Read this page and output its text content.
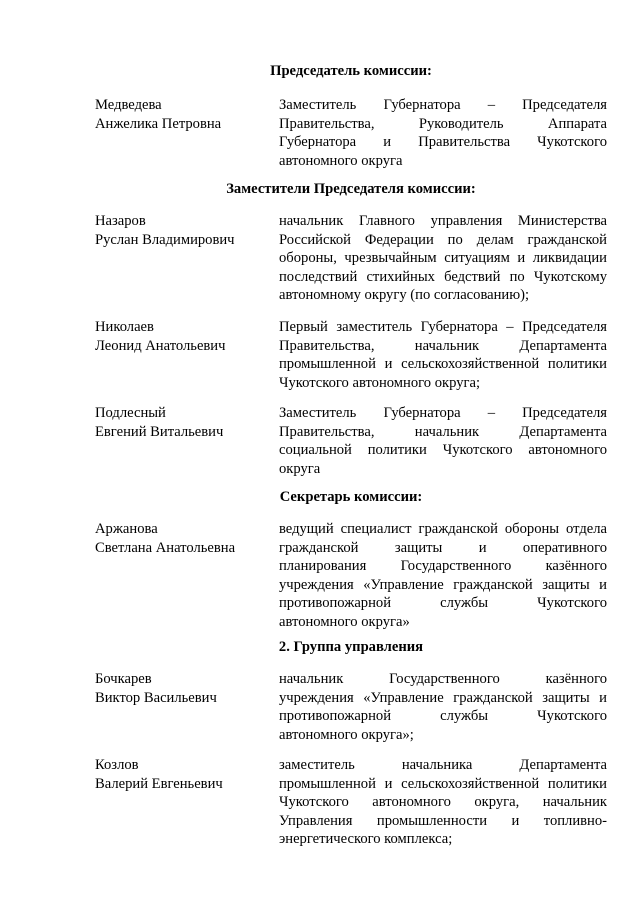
Председатель комиссии:
Медведева
Анжелика Петровна
Заместитель Губернатора – Председателя
Правительства, Руководитель Аппарата
Губернатора и Правительства Чукотского
автономного округа
Заместители Председателя комиссии:
Назаров
Руслан Владимирович
начальник Главного управления Министерства
Российской Федерации по делам гражданской
обороны, чрезвычайным ситуациям и ликвидации
последствий стихийных бедствий по Чукотскому
автономному округу (по согласованию);
Николаев
Леонид Анатольевич
Первый заместитель Губернатора – Председателя
Правительства, начальник Департамента
промышленной и сельскохозяйственной политики
Чукотского автономного округа;
Подлесный
Евгений Витальевич
Заместитель Губернатора – Председателя
Правительства, начальник Департамента
социальной политики Чукотского автономного
округа
Секретарь комиссии:
Аржанова
Светлана Анатольевна
ведущий специалист гражданской обороны отдела
гражданской защиты и оперативного
планирования Государственного казённого
учреждения «Управление гражданской защиты и
противопожарной службы Чукотского
автономного округа»
2. Группа управления
Бочкарев
Виктор Васильевич
начальник Государственного казённого
учреждения «Управление гражданской защиты и
противопожарной службы Чукотского
автономного округа»;
Козлов
Валерий Евгеньевич
заместитель начальника Департамента
промышленной и сельскохозяйственной политики
Чукотского автономного округа, начальник
Управления промышленности и топливно-
энергетического комплекса;
